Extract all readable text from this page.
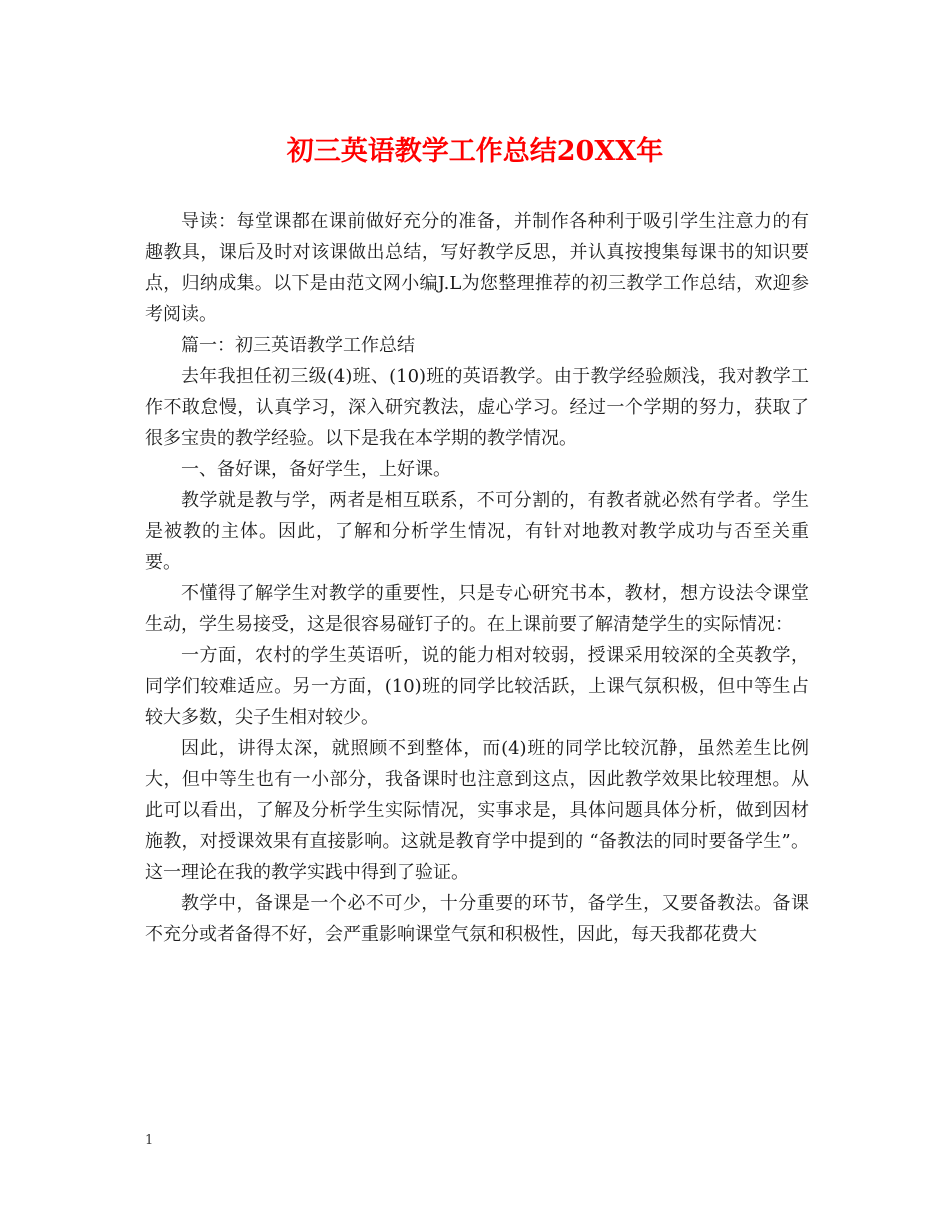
初三英语教学工作总结20XX年

导读：每堂课都在课前做好充分的准备，并制作各种利于吸引学生注意力的有趣教具，课后及时对该课做出总结，写好教学反思，并认真按搜集每课书的知识要点，归纳成集。以下是由范文网小编J.L为您整理推荐的初三教学工作总结，欢迎参考阅读。

篇一：初三英语教学工作总结

去年我担任初三级(4)班、(10)班的英语教学。由于教学经验颇浅，我对教学工作不敢怠慢，认真学习，深入研究教法，虚心学习。经过一个学期的努力，获取了很多宝贵的教学经验。以下是我在本学期的教学情况。

一、备好课，备好学生，上好课。

教学就是教与学，两者是相互联系，不可分割的，有教者就必然有学者。学生是被教的主体。因此，了解和分析学生情况，有针对地教对教学成功与否至关重要。

不懂得了解学生对教学的重要性，只是专心研究书本，教材，想方设法令课堂生动，学生易接受，这是很容易碰钉子的。在上课前要了解清楚学生的实际情况：

一方面，农村的学生英语听，说的能力相对较弱，授课采用较深的全英教学，同学们较难适应。另一方面，(10)班的同学比较活跃，上课气氛积极，但中等生占较大多数，尖子生相对较少。

因此，讲得太深，就照顾不到整体，而(4)班的同学比较沉静，虽然差生比例大，但中等生也有一小部分，我备课时也注意到这点，因此教学效果比较理想。从此可以看出，了解及分析学生实际情况，实事求是，具体问题具体分析，做到因材施教，对授课效果有直接影响。这就是教育学中提到的 “备教法的同时要备学生”。这一理论在我的教学实践中得到了验证。

教学中，备课是一个必不可少，十分重要的环节，备学生，又要备教法。备课不充分或者备得不好，会严重影响课堂气氛和积极性，因此，每天我都花费大

1
